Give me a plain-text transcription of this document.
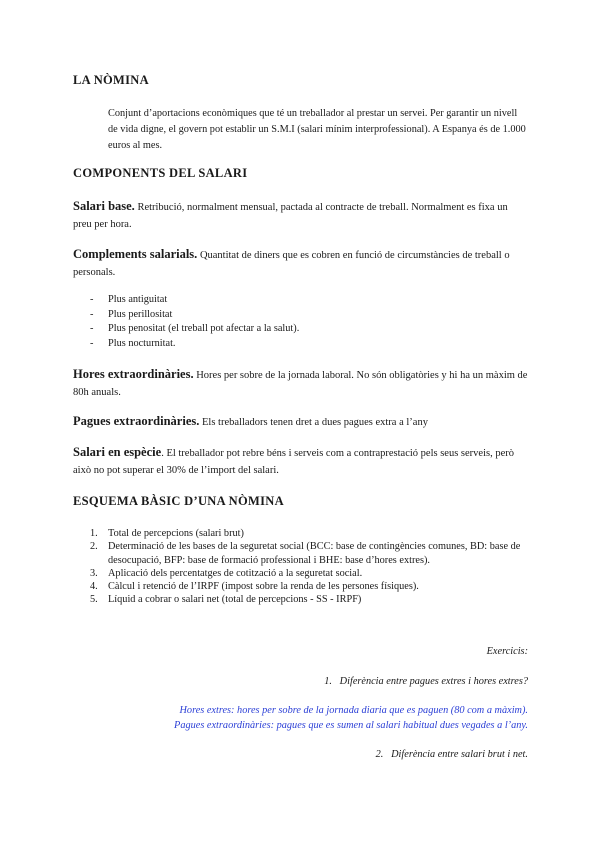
LA NÒMINA

Conjunt d’aportacions econòmiques que té un treballador al prestar un servei. Per garantir un nivell de vida digne, el govern pot establir un S.M.I (salari mínim interprofessional). A Espanya és de 1.000 euros al mes.

COMPONENTS DEL SALARI

Salari base. Retribució, normalment mensual, pactada al contracte de treball. Normalment es fixa un preu per hora.

Complements salarials. Quantitat de diners que es cobren en funció de circumstàncies de treball o personals.

- Plus antiguitat
- Plus perillositat
- Plus penositat (el treball pot afectar a la salut).
- Plus nocturnitat.

Hores extraordinàries. Hores per sobre de la jornada laboral. No són obligatòries y hi ha un màxim de 80h anuals.

Pagues extraordinàries. Els treballadors tenen dret a dues pagues extra a l’any

Salari en espècie. El treballador pot rebre béns i serveis com a contraprestació pels seus serveis, però això no pot superar el 30% de l’import del salari.

ESQUEMA BÀSIC D’UNA NÒMINA
1. Total de percepcions (salari brut)
2. Determinació de les bases de la seguretat social (BCC: base de contingències comunes, BD: base de desocupació, BFP: base de formació professional i BHE: base d’hores extres).
3. Aplicació dels percentatges de cotització a la seguretat social.
4. Càlcul i retenció de l’IRPF (impost sobre la renda de les persones físiques).
5. Líquid a cobrar o salari net (total de percepcions - SS - IRPF)

Exercicis:

1. Diferència entre pagues extres i hores extres?

Hores extres: hores per sobre de la jornada diaria que es paguen (80 com a màxim).

Pagues extraordinàries: pagues que es sumen al salari habitual dues vegades a l’any.

2. Diferència entre salari brut i net.
